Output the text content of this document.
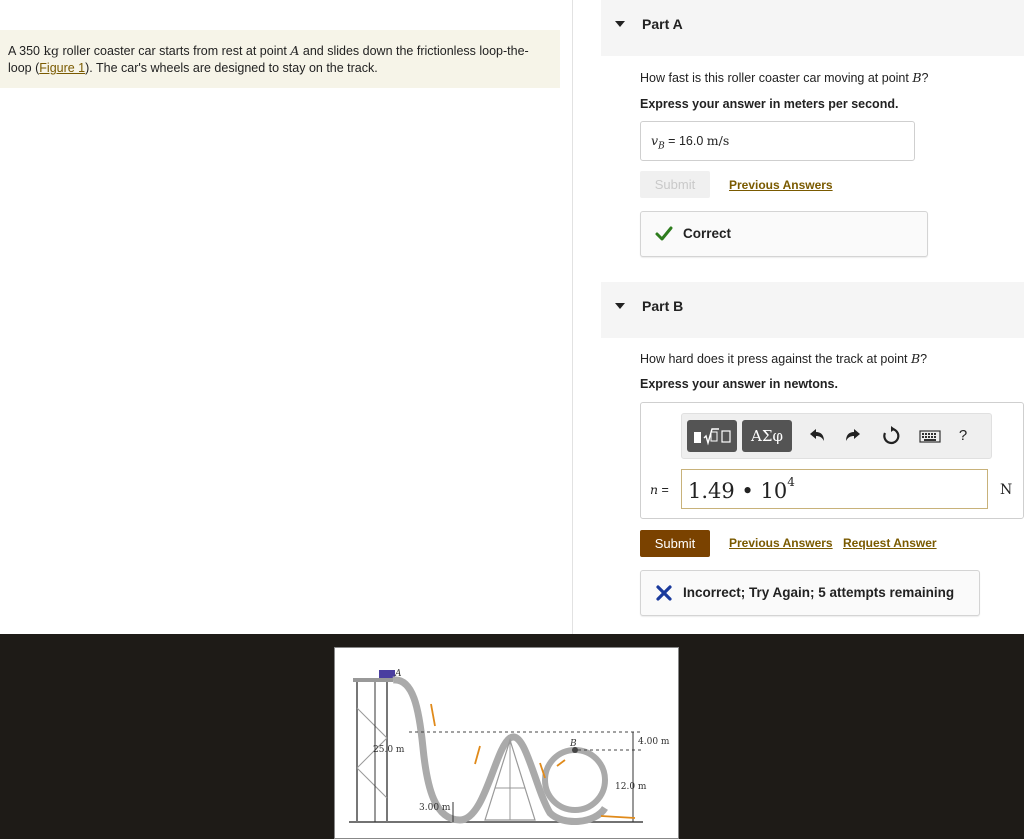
A 350 kg roller coaster car starts from rest at point A and slides down the frictionless loop-the-loop (Figure 1). The car's wheels are designed to stay on the track.
Part A
How fast is this roller coaster car moving at point B?
Express your answer in meters per second.
$v_B = 16.0$ m/s
Submit	Previous Answers
Correct
Part B
How hard does it press against the track at point B?
Express your answer in newtons.
ΑΣφ	?
n = 1.49 • $10^4$	N
Submit	Previous Answers Request Answer
Incorrect; Try Again; 5 attempts remaining
A
B
25.0 m
4.00 m
12.0 m
3.00 m
